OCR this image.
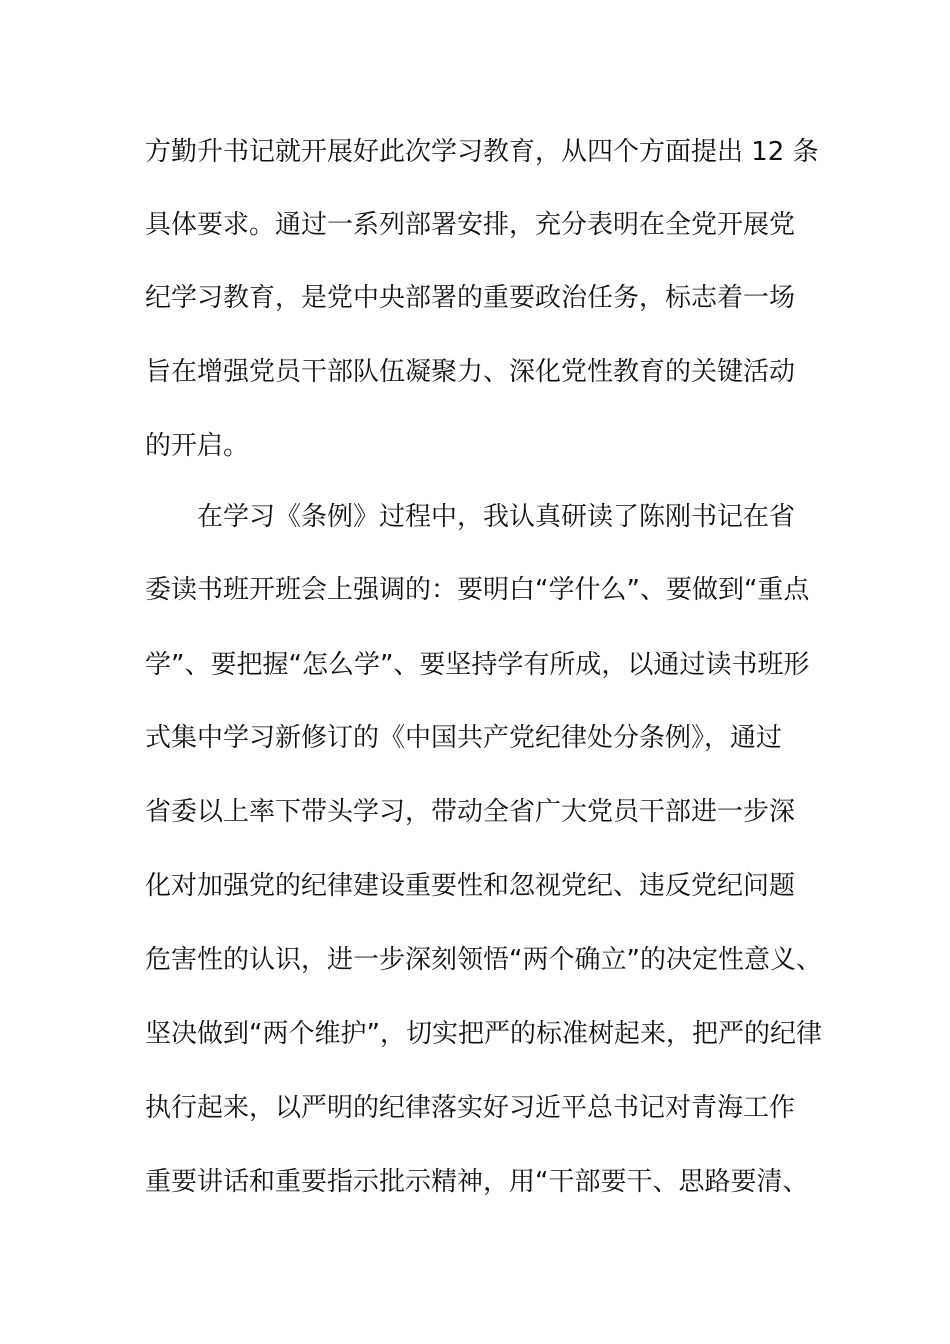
方勤升书记就开展好此次学习教育，从四个方面提出 12 条
具体要求。通过一系列部署安排，充分表明在全党开展党
纪学习教育，是党中央部署的重要政治任务，标志着一场
旨在增强党员干部队伍凝聚力、深化党性教育的关键活动
的开启。
在学习《条例》过程中，我认真研读了陈刚书记在省
委读书班开班会上强调的：要明白“学什么”、要做到“重点
学”、要把握“怎么学”、要坚持学有所成，以通过读书班形
式集中学习新修订的《中国共产党纪律处分条例》，通过
省委以上率下带头学习，带动全省广大党员干部进一步深
化对加强党的纪律建设重要性和忽视党纪、违反党纪问题
危害性的认识，进一步深刻领悟“两个确立”的决定性意义、
坚决做到“两个维护”，切实把严的标准树起来，把严的纪律
执行起来，以严明的纪律落实好习近平总书记对青海工作
重要讲话和重要指示批示精神，用“干部要干、思路要清、
